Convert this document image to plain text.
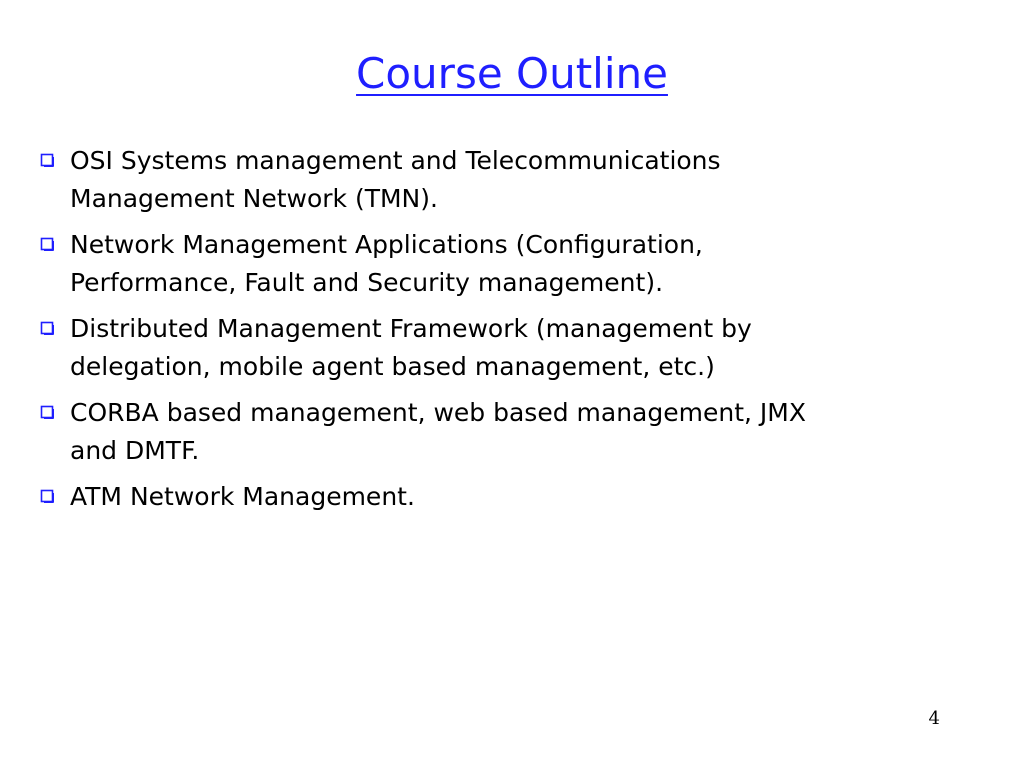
Course Outline
OSI Systems management and Telecommunications Management Network (TMN).
Network Management Applications (Configuration, Performance, Fault and Security management).
Distributed Management Framework (management by delegation, mobile agent based management, etc.)
CORBA based management, web based management, JMX and DMTF.
ATM Network Management.
4
